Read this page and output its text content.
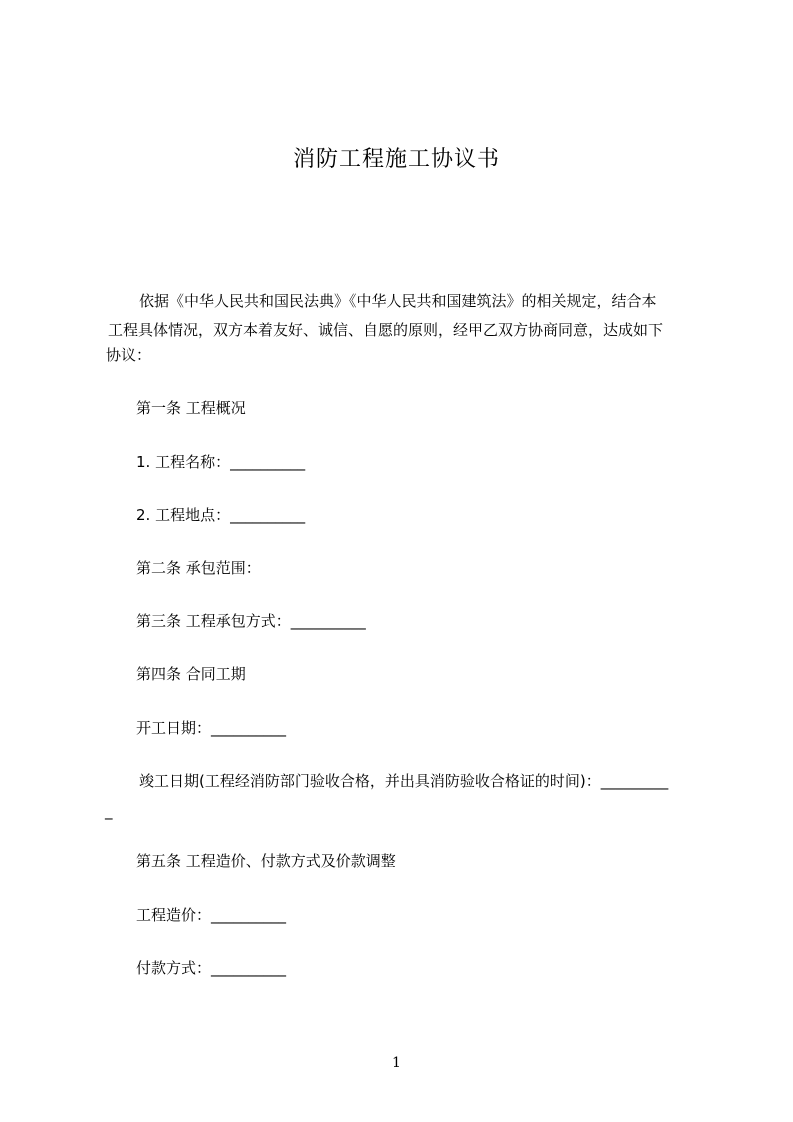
消防工程施工协议书
依据《中华人民共和国民法典》《中华人民共和国建筑法》的相关规定，结合本
工程具体情况，双方本着友好、诚信、自愿的原则，经甲乙双方协商同意，达成如下
协议：
第一条 工程概况
1. 工程名称：__________
2. 工程地点：__________
第二条 承包范围：
第三条 工程承包方式：__________
第四条 合同工期
开工日期：__________
竣工日期(工程经消防部门验收合格，并出具消防验收合格证的时间)：_________
_
第五条 工程造价、付款方式及价款调整
工程造价：__________
付款方式：__________
1
